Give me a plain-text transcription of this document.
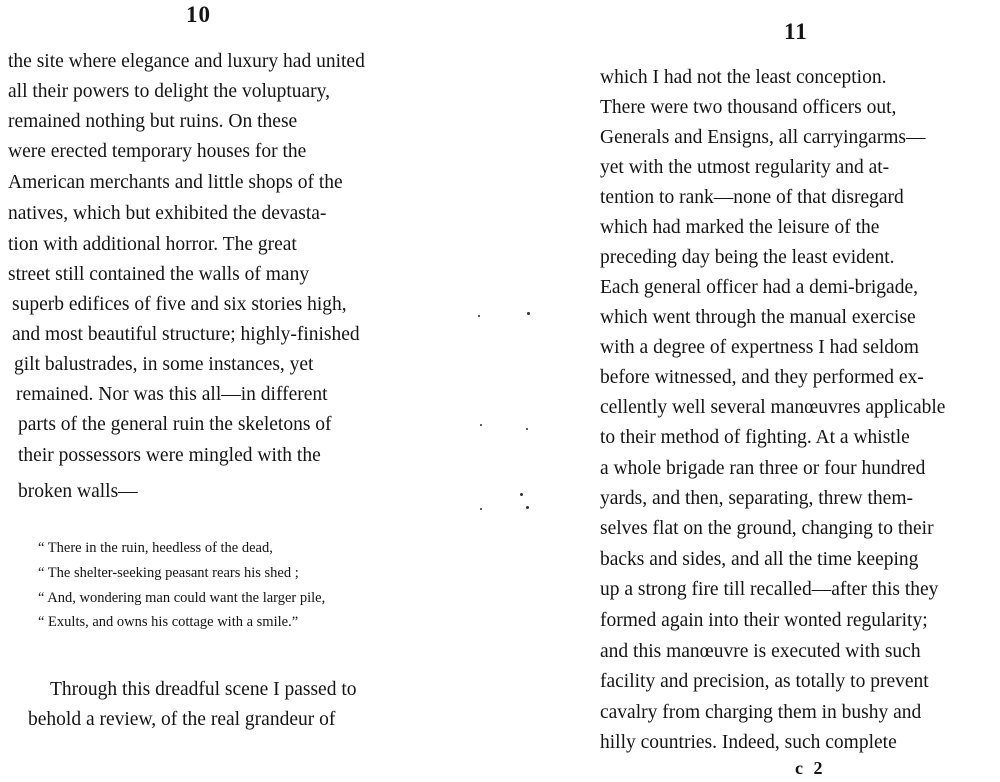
10
the site where elegance and luxury had united
all their powers to delight the voluptuary,
remained nothing but ruins. On these
were erected temporary houses for the
American merchants and little shops of the
natives, which but exhibited the devasta-
tion with additional horror. The great
street still contained the walls of many
superb edifices of five and six stories high,
and most beautiful structure; highly-finished
gilt balustrades, in some instances, yet
remained. Nor was this all—in different
parts of the general ruin the skeletons of
their possessors were mingled with the
broken walls—
“ There in the ruin, heedless of the dead,
“ The shelter-seeking peasant rears his shed ;
“ And, wondering man could want the larger pile,
“ Exults, and owns his cottage with a smile.”
Through this dreadful scene I passed to
behold a review, of the real grandeur of
11
which I had not the least conception.
There were two thousand officers out,
Generals and Ensigns, all carryingarms—
yet with the utmost regularity and at-
tention to rank—none of that disregard
which had marked the leisure of the
preceding day being the least evident.
Each general officer had a demi-brigade,
which went through the manual exercise
with a degree of expertness I had seldom
before witnessed, and they performed ex-
cellently well several manœuvres applicable
to their method of fighting. At a whistle
a whole brigade ran three or four hundred
yards, and then, separating, threw them-
selves flat on the ground, changing to their
backs and sides, and all the time keeping
up a strong fire till recalled—after this they
formed again into their wonted regularity;
and this manœuvre is executed with such
facility and precision, as totally to prevent
cavalry from charging them in bushy and
hilly countries. Indeed, such complete
c 2
